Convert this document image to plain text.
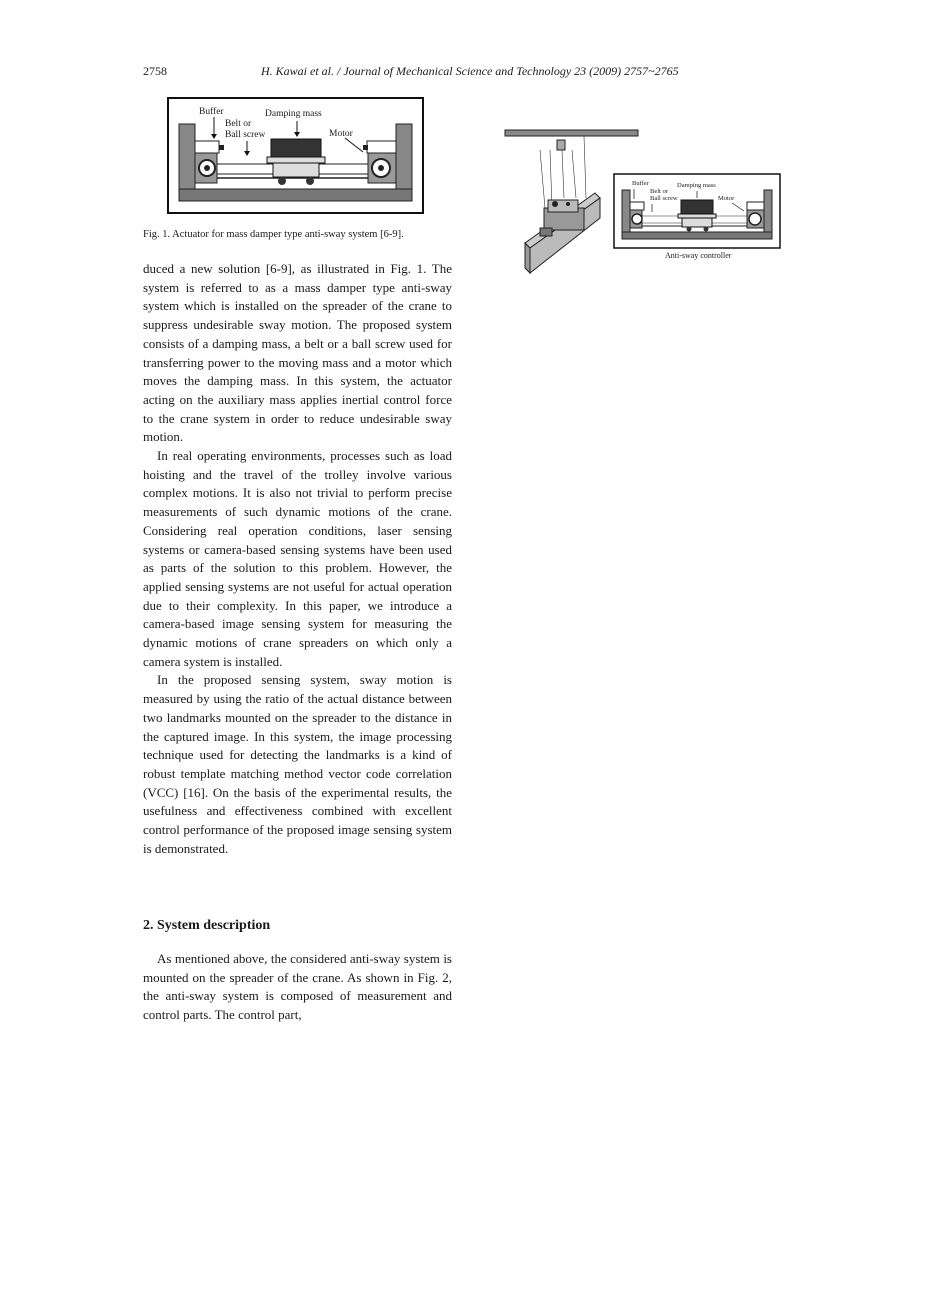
2758	H. Kawai et al. / Journal of Mechanical Science and Technology 23 (2009) 2757~2765
Buffer	Damping mass
Belt or
Ball screw	Motor
Fig. 1. Actuator for mass damper type anti-sway system [6-9].

duced a new solution [6-9], as illustrated in Fig. 1. The system is referred to as a mass damper type anti-sway system which is installed on the spreader of the crane to suppress undesirable sway motion. The proposed system consists of a damping mass, a belt or a ball screw used for transferring power to the moving mass and a motor which moves the damping mass. In this system, the actuator acting on the auxiliary mass applies inertial control force to the crane system in order to reduce undesirable sway motion.

In real operating environments, processes such as load hoisting and the travel of the trolley involve various complex motions. It is also not trivial to perform precise measurements of such dynamic motions of the crane. Considering real operation conditions, laser sensing systems or camera-based sensing systems have been used as parts of the solution to this problem. However, the applied sensing systems are not useful for actual operation due to their complexity. In this paper, we introduce a camera-based image sensing system for measuring the dynamic motions of crane spreaders on which only a camera system is installed.

In the proposed sensing system, sway motion is measured by using the ratio of the actual distance between two landmarks mounted on the spreader to the distance in the captured image. In this system, the image processing technique used for detecting the landmarks is a kind of robust template matching method vector code correlation (VCC) [16]. On the basis of the experimental results, the usefulness and effectiveness combined with excellent control performance of the proposed image sensing system is demonstrated.

2. System description

As mentioned above, the considered anti-sway system is mounted on the spreader of the crane. As shown in Fig. 2, the anti-sway system is composed of measurement and control parts. The control part,

Buffer	Damping mass
Belt or
Ball screw	Motor
Anti-sway controller
